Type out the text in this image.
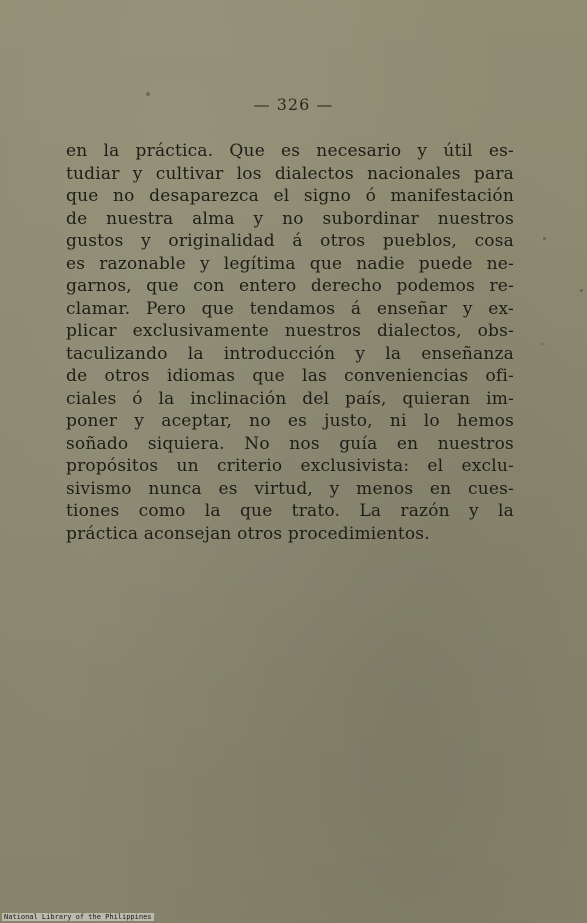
— 326 —
en la práctica. Que es necesario y útil es-
tudiar y cultivar los dialectos nacionales para
que no desaparezca el signo ó manifestación
de nuestra alma y no subordinar nuestros
gustos y originalidad á otros pueblos, cosa
es razonable y legítima que nadie puede ne-
garnos, que con entero derecho podemos re-
clamar. Pero que tendamos á enseñar y ex-
plicar exclusivamente nuestros dialectos, obs-
taculizando la introducción y la enseñanza
de otros idiomas que las conveniencias ofi-
ciales ó la inclinación del país, quieran im-
poner y aceptar, no es justo, ni lo hemos
soñado siquiera. No nos guía en nuestros
propósitos un criterio exclusivista: el exclu-
sivismo nunca es virtud, y menos en cues-
tiones como la que trato. La razón y la
práctica aconsejan otros procedimientos.
National Library of the Philippines
